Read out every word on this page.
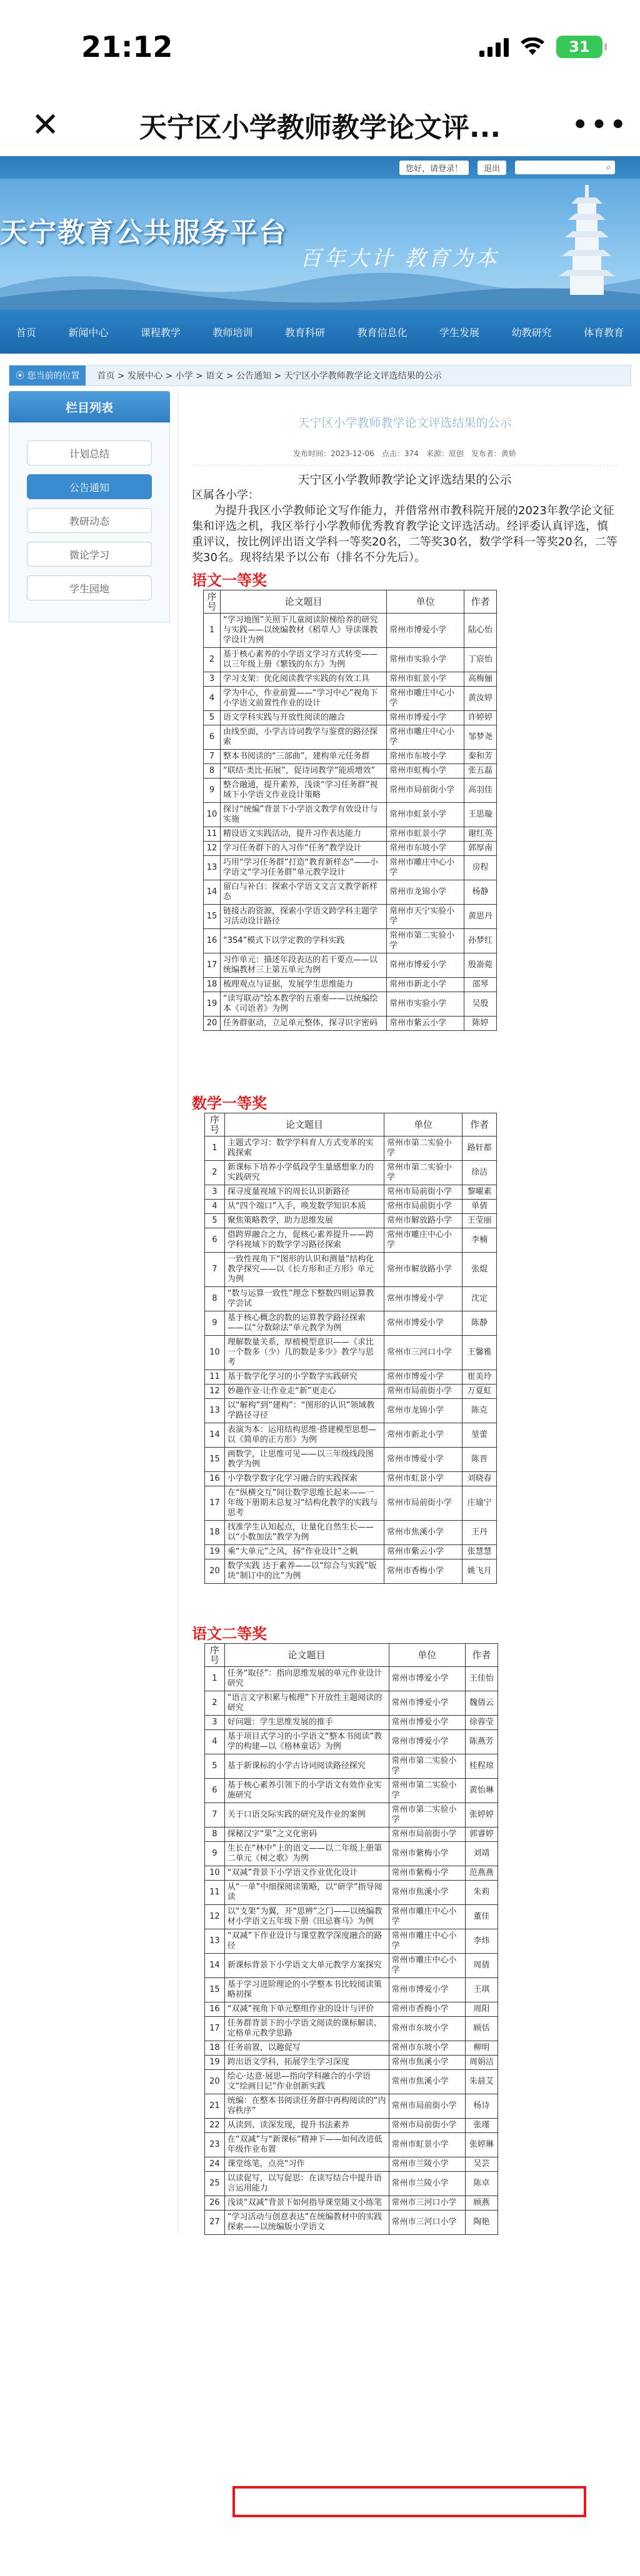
21:12	31
✕	天宁区小学教师教学论文评...	•••
您好，请登录！	退出	⌕
天宁教育公共服务平台
百年大计 教育为本
首页	新闻中心	课程教学	教师培训	教育科研	教育信息化	学生发展	幼教研究	体育教育
⦿ 您当前的位置 首页 > 发展中心 > 小学 > 语文 > 公告通知 > 天宁区小学教师教学论文评选结果的公示
栏目列表
计划总结
公告通知
教研动态
微论学习
学生园地
天宁区小学教师教学论文评选结果的公示
发布时间：2023-12-06　点击：374　来源：原创　发布者：黄娇
天宁区小学教师教学论文评选结果的公示
区属各小学：
为提升我区小学教师论文写作能力，并借常州市教科院开展的2023年教学论文征集和评选之机，我区举行小学教师优秀教育教学论文评选活动。经评委认真评选，慎重评议，按比例评出语文学科一等奖20名，二等奖30名，数学学科一等奖20名，二等奖30名。现将结果予以公布（排名不分先后）。
语文一等奖
序号	论文题目	单位	作者
1	“学习地图”关照下儿童阅读阶梯给养的研究与实践——以统编教材《稻草人》导读课教学设计为例	常州市博爱小学	陆心怡
2	基于核心素养的小学语文学习方式转变——以三年级上册《繁钱的东方》为例	常州市实验小学	丁宸怡
3	学习支架：优化阅读教学实践的有效工具	常州市虹景小学	高梅俪
4	学为中心，作业前置——“学习中心”视角下小学语文前置性作业的设计	常州市雕庄中心小学	黄汝婷
5	语文学科实践与开放性阅读的融合	常州市博爱小学	许婷婷
6	由线至面，小学古诗词教学与鉴赏的路径探索	常州市雕庄中心小学	邹梦尧
7	整本书阅读的“三部曲”，建构单元任务群	常州市东坡小学	秦和芳
8	“联结·类比·拓展”，促诗词教学“能质增效”	常州市虹梅小学	张五磊
9	整合融通，提升素养，浅谈“学习任务群”视域下小学语文作业设计策略	常州市局前街小学	高羽佳
10	探讨“统编”背景下小学语文教学有效设计与实施	常州市虹景小学	王思璇
11	精设语文实践活动，提升习作表达能力	常州市虹景小学	谢红英
12	学习任务群下的入习作“任务”教学设计	常州市东坡小学	郭厚南
13	巧用“学习任务群”打造“教育新样态”——小学语文“学习任务群”单元教学设计	常州市雕庄中心小学	房程
14	留白与补白：探索小学语文文言文教学新样态	常州市龙锦小学	杨静
15	链接古韵资源，探索小学语文跨学科主题学习活动设计路径	常州市天宁实验小学	黄思丹
16	“3S4”模式下以学定教的学科实践	常州市第二实验小学	孙梦红
17	习作单元：描述年段表达的若干要点——以统编教材三上第五单元为例	常州市博爱小学	殷嵛菀
18	梳理观点与证据，发展学生思维能力	常州市新北小学	邵琴
19	“读写联动”绘本教学的五重奏——以统编绘本《司语者》为例	常州市实验小学	吴殷
20	任务群驱动，立足单元整体，探寻识字密码	常州市紫云小学	陈婷
数学一等奖
序号	论文题目	单位	作者
1	主题式学习：数学学科育人方式变革的实践探索	常州市第二实验小学	路轩都
2	新课标下培养小学低段学生量感想象力的实践研究	常州市第二实验小学	徐洁
3	探寻度量视域下的周长认识新路径	常州市局前街小学	黎曜素
4	从“四个端口”入手，唤发数学知识本质	常州市局前街小学	单倩
5	聚焦策略教学，助力思维发展	常州市解放路小学	王莹丽
6	借跨界融合之力，促核心素养提升——跨学科视域下的数学学习路径探索	常州市雕庄中心小学	李楠
7	一致性视角下“图形的认识和测量”结构化教学探究——以《长方形和正方形》单元为例	常州市解放路小学	张焜
8	“数与运算一致性”理念下整数四则运算教学尝试	常州市博爱小学	沈定
9	基于核心概念的数的运算教学路径探索——以“分数除法”单元教学为例	常州市博爱小学	陈静
10	理解数量关系，厚植模型意识——《求比一个数多（少）几的数是多少》教学与思考	常州市三河口小学	王馨雅
11	基于数学化学习的小学数学实践研究	常州市博爱小学	崔美玲
12	妙趣作业·让作业走“新”更走心	常州市局前街小学	万夏虹
13	以“解构”到“建构”：“图形的认识”领域教学路径寻径	常州市龙锦小学	陈克
14	表演为本：运用结构思维·搭建模型思想—以《简单的正方形》为例	常州市新北小学	堃蕾
15	画数学，让思维可见——以三年级线段图教学为例	常州市博爱小学	陈晋
16	小学数学数字化学习融合的实践探索	常州市虹景小学	刘晓春
17	在“纵横交互”间让数学思维长起来——一年级下册期末总复习“结构化教学的实践与思考	常州市局前街小学	庄瑜宁
18	找准学生认知起点，让量化自然生长——以“小数加法”教学为例	常州市焦溪小学	王丹
19	乘“大单元”之风，扬“作业设计”之帆	常州市紫云小学	张慧慧
20	数学实践 达于素养——以“综合与实践”版块“制订中的比”为例	常州市香梅小学	姚飞月
语文二等奖
序号	论文题目	单位	作者
1	任务“取径”：指向思维发展的单元作业设计研究	常州市博爱小学	王佳怡
2	“语言文字积累与梳理”下开放性主题阅读的研究	常州市博爱小学	魏倩云
3	好问题：学生思维发展的推手	常州市博爱小学	徐蓉莹
4	基于项目式学习的小学语文“整本书阅读”教学的构建—以《格林童话》为例	常州市博爱小学	陈燕芳
5	基于新课标的小学古诗词阅读路径探究	常州市第二实验小学	桂程琼
6	基于核心素养引领下的小学语文有效作业实施研究	常州市第二实验小学	黄怡琳
7	关于口语交际实践的研究及作业的案例	常州市第二实验小学	张婷婷
8	探秘汉字“果”之文化密码	常州市局前街小学	郭睿婷
9	生长在“林中”上的语文——以二年级上册第二单元《树之歌》为例	常州市紫梅小学	刘靖
10	“双减”背景下小学语文作业优化设计	常州市紫梅小学	范燕燕
11	从“一单”中细探阅读策略，以“研学”指导阅读	常州市焦溪小学	朱莉
12	以“支架”为翼，开“思辨”之门——以统编教材小学语文五年级下册《田忌赛马》为例	常州市雕庄中心小学	董佳
13	“双减”下作业设计与课堂教学深度融合的路径	常州市雕庄中心小学	李炜
14	新课标背景下小学语文大单元教学方案探究	常州市雕庄中心小学	周倩
15	基于学习进阶理论的小学整本书比较阅读策略初探	常州市博爱小学	王琪
16	“双减”视角下单元整组作业的设计与评价	常州市香梅小学	周阳
17	任务群背景下的小学语文阅读的课标解读、定格单元教学思路	常州市东坡小学	顾恬
18	任务前置，以趣促写	常州市东坡小学	柳明
19	跨出语文学科，拓展学生学习深度	常州市焦溪小学	周娟洁
20	绘心·达意·展思—指向学科融合的小学语文“绘画日记”作业创新实践	常州市焦溪小学	朱晨艾
21	统编：在整本书阅读任务群中再构阅读的“内容秩序”	常州市局前街小学	杨诗
22	从读到、读深发现，提升书法素养	常州市局前街小学	张瑾
23	在“双减”与“新课标”精神下——如何改进低年级作业布置	常州市虹景小学	张婷琳
24	课堂练笔，点亮“习作	常州市兰陵小学	吴芸
25	以读促写，以写促思：在读写结合中提升语言运用能力	常州市兰陵小学	陈卓
26	浅谈“双减”背景下如何指导课堂随文小练笔	常州市三河口小学	顾燕
27	“学习活动与创意表达”在统编教材中的实践探索——以统编版小学语文	常州市三河口小学	陶艳
